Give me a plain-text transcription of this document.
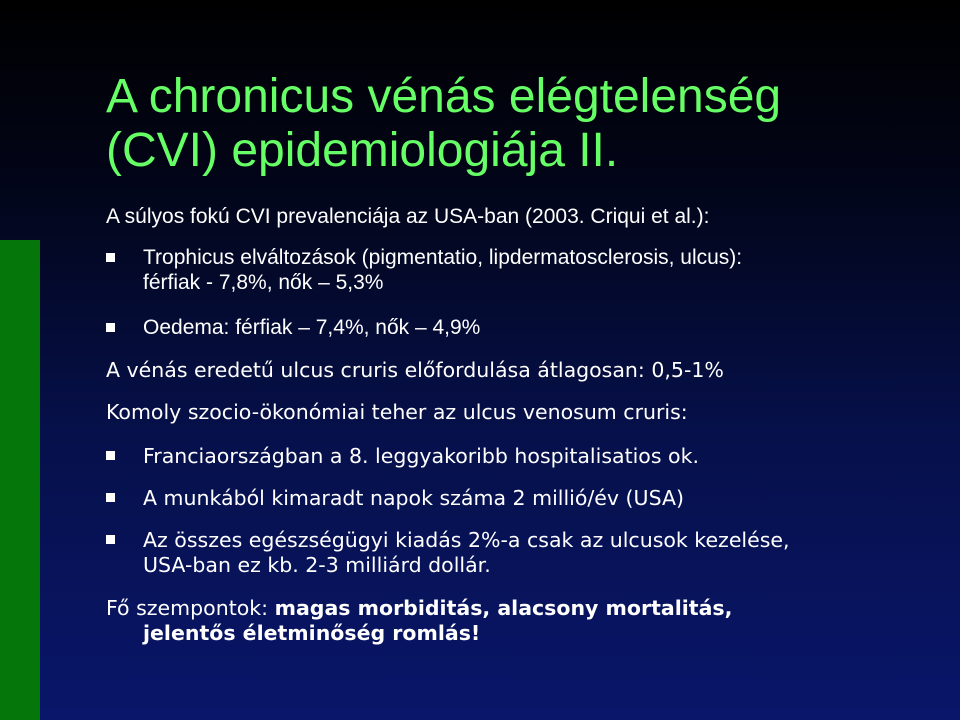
A chronicus vénás elégtelenség
(CVI) epidemiologiája II.
A súlyos fokú CVI prevalenciája az USA-ban (2003. Criqui et al.):
Trophicus elváltozások (pigmentatio, lipdermatosclerosis, ulcus):
férfiak - 7,8%, nők – 5,3%
Oedema: férfiak – 7,4%, nők – 4,9%
A vénás eredetű ulcus cruris előfordulása átlagosan: 0,5-1%
Komoly szocio-ökonómiai teher az ulcus venosum cruris:
Franciaországban a 8. leggyakoribb hospitalisatios ok.
A munkából kimaradt napok száma 2 millió/év (USA)
Az összes egészségügyi kiadás 2%-a csak az ulcusok kezelése,
USA-ban ez kb. 2-3 milliárd dollár.
Fő szempontok: magas morbiditás, alacsony mortalitás,
jelentős életminőség romlás!
